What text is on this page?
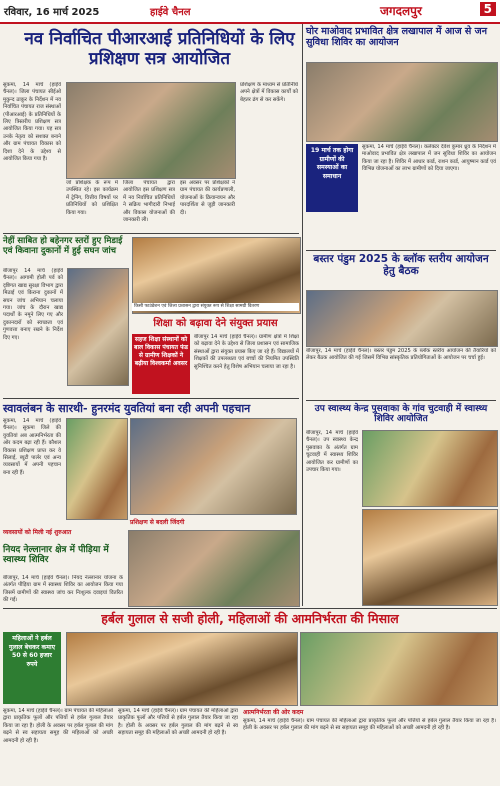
रविवार, 16 मार्च 2025	हाईवे चैनल	जगदलपुर	5
नव निर्वाचित पीआरआई प्रतिनिधियों के लिए प्रशिक्षण सत्र आयोजित
सुकमा, 14 मार्च (हाईवे चैनल)। जिला पंचायत सीईओ मुकुन्द ठाकुर के निर्देशन में नव निर्वाचित पंचायत राज संस्थाओं (पीआरआई) के प्रतिनिधियों के लिए त्रिस्तरीय प्रशिक्षण सत्र आयोजित किया गया। यह सत्र उनके नेतृत्व को सशक्त बनाने और ग्राम पंचायत विकास को दिशा देने के उद्देश्य से आयोजित किया गया है।
जो प्रशिक्षक के रूप में उपस्थित रहे। इस कार्यक्रम में ट्रेनिंग, वित्तीय विषयों पर प्रतिनिधियों को प्रशिक्षित किया गया।
जिला पंचायत द्वारा आयोजित इस प्रशिक्षण सत्र में नव निर्वाचित प्रतिनिधियों ने सक्रिय भागीदारी निभाई और विकास योजनाओं की जानकारी ली।
इस अवसर पर प्रशिक्षकों ने ग्राम पंचायत की कार्यप्रणाली, योजनाओं के क्रियान्वयन और पारदर्शिता से जुड़ी जानकारी दी।
प्रशिक्षण के माध्यम से प्रतिनिधि अपने क्षेत्रों में विकास कार्यों को बेहतर ढंग से कर सकेंगे।
नेहीं साबित हो बहेनगर स्तरों हुए मिडाई एवं किवाना दुकानों में हुई सघन जांच
बीजापुर 14 मार्च (हाईवे चैनल)। आगामी होली पर्व को दृष्टिगत खाद्य सुरक्षा विभाग द्वारा मिठाई एवं किराना दुकानों में सघन जांच अभियान चलाया गया। जांच के दौरान खाद्य पदार्थों के नमूने लिए गए और दुकानदारों को स्वच्छता एवं गुणवत्ता बनाए रखने के निर्देश दिए गए।
किसी फाउंडेशन एवं जिला प्रशासन द्वारा संयुक्त रूप से शिक्षा सामग्री वितरण
शिक्षा को बढ़ावा देने संयुक्त प्रयास
सहज शिक्षा संस्थानों को बाल विकास पंचायत फंड से ग्रामीण शिक्षकों ने बढ़ीया विश्वकर्मा अवसर
बीजापुर 14 मार्च (हाईवे चैनल)। ग्रामीण क्षेत्रों में शिक्षा को बढ़ावा देने के उद्देश्य से जिला प्रशासन एवं सामाजिक संस्थाओं द्वारा संयुक्त प्रयास किए जा रहे हैं। विद्यालयों में शिक्षकों की उपलब्धता एवं बच्चों की नियमित उपस्थिति सुनिश्चित करने हेतु विशेष अभियान चलाया जा रहा है।
स्वावलंबन के सारथी- हुनरमंद युवतियां बना रही अपनी पहचान
सुकमा, 14 मार्च (हाईवे चैनल)। सुकमा जिले की युवतियां अब आत्मनिर्भरता की ओर कदम बढ़ा रही हैं। कौशल विकास प्रशिक्षण प्राप्त कर वे सिलाई, ब्यूटी पार्लर एवं अन्य व्यवसायों में अपनी पहचान बना रही हैं।
व्यवसायों को मिली नई शुरुआत
प्रशिक्षण से बदली जिंदगी
नियद नेल्लानार क्षेत्र में पीड़िया में स्वास्थ्य शिविर
बीजापुर, 14 मार्च (हाईवे चैनल)। नियद नेल्लानार योजना के अंतर्गत पीड़िया ग्राम में स्वास्थ्य शिविर का आयोजन किया गया जिसमें ग्रामीणों की स्वास्थ्य जांच कर निःशुल्क दवाइयां वितरित की गईं।
घोर माओवाद प्रभावित क्षेत्र लखापाल में आज से जन सुविधा शिविर का आयोजन
19 मार्च तक होगा ग्रामीणों की समस्याओं का समाधान
सुकमा, 14 मार्च (हाईवे चैनल)। कलेक्टर देवेश कुमार ध्रुव के निर्देशन में माओवाद प्रभावित क्षेत्र लखापाल में जन सुविधा शिविर का आयोजन किया जा रहा है। शिविर में आधार कार्ड, राशन कार्ड, आयुष्मान कार्ड एवं विभिन्न योजनाओं का लाभ ग्रामीणों को दिया जाएगा।
बस्तर पंडुम 2025 के ब्लॉक स्तरीय आयोजन हेतु बैठक
बीजापुर, 14 मार्च (हाईवे चैनल)। बस्तर पंडुम 2025 के ब्लॉक स्तरीय आयोजन की तैयारियों को लेकर बैठक आयोजित की गई जिसमें विभिन्न सांस्कृतिक प्रतियोगिताओं के आयोजन पर चर्चा हुई।
उप स्वास्थ्य केन्द्र पुसवाका के गांव चुटवाही में स्वास्थ्य शिविर आयोजित
बीजापुर, 14 मार्च (हाईवे चैनल)। उप स्वास्थ्य केन्द्र पुसवाका के अंतर्गत ग्राम चुटवाही में स्वास्थ्य शिविर आयोजित कर ग्रामीणों का उपचार किया गया।
हर्बल गुलाल से सजी होली, महिलाओं की आमनिर्भरता की मिसाल
महिलाओं ने हर्बल गुलाल बेचकर कमाए 50 से 60 हजार रुपये
सुकमा, 14 मार्च (हाईवे चैनल)। ग्राम पंचायत की महिलाओं द्वारा प्राकृतिक फूलों और पत्तियों से हर्बल गुलाल तैयार किया जा रहा है। होली के अवसर पर हर्बल गुलाल की मांग बढ़ने से स्व सहायता समूह की महिलाओं को अच्छी आमदनी हो रही है।
सुकमा, 14 मार्च (हाईवे चैनल)। ग्राम पंचायत की महिलाओं द्वारा प्राकृतिक फूलों और पत्तियों से हर्बल गुलाल तैयार किया जा रहा है। होली के अवसर पर हर्बल गुलाल की मांग बढ़ने से स्व सहायता समूह की महिलाओं को अच्छी आमदनी हो रही है।
आत्मनिर्भरता की ओर कदम
सुकमा, 14 मार्च (हाईवे चैनल)। ग्राम पंचायत की महिलाओं द्वारा प्राकृतिक फूलों और पत्तियों से हर्बल गुलाल तैयार किया जा रहा है। होली के अवसर पर हर्बल गुलाल की मांग बढ़ने से स्व सहायता समूह की महिलाओं को अच्छी आमदनी हो रही है।
